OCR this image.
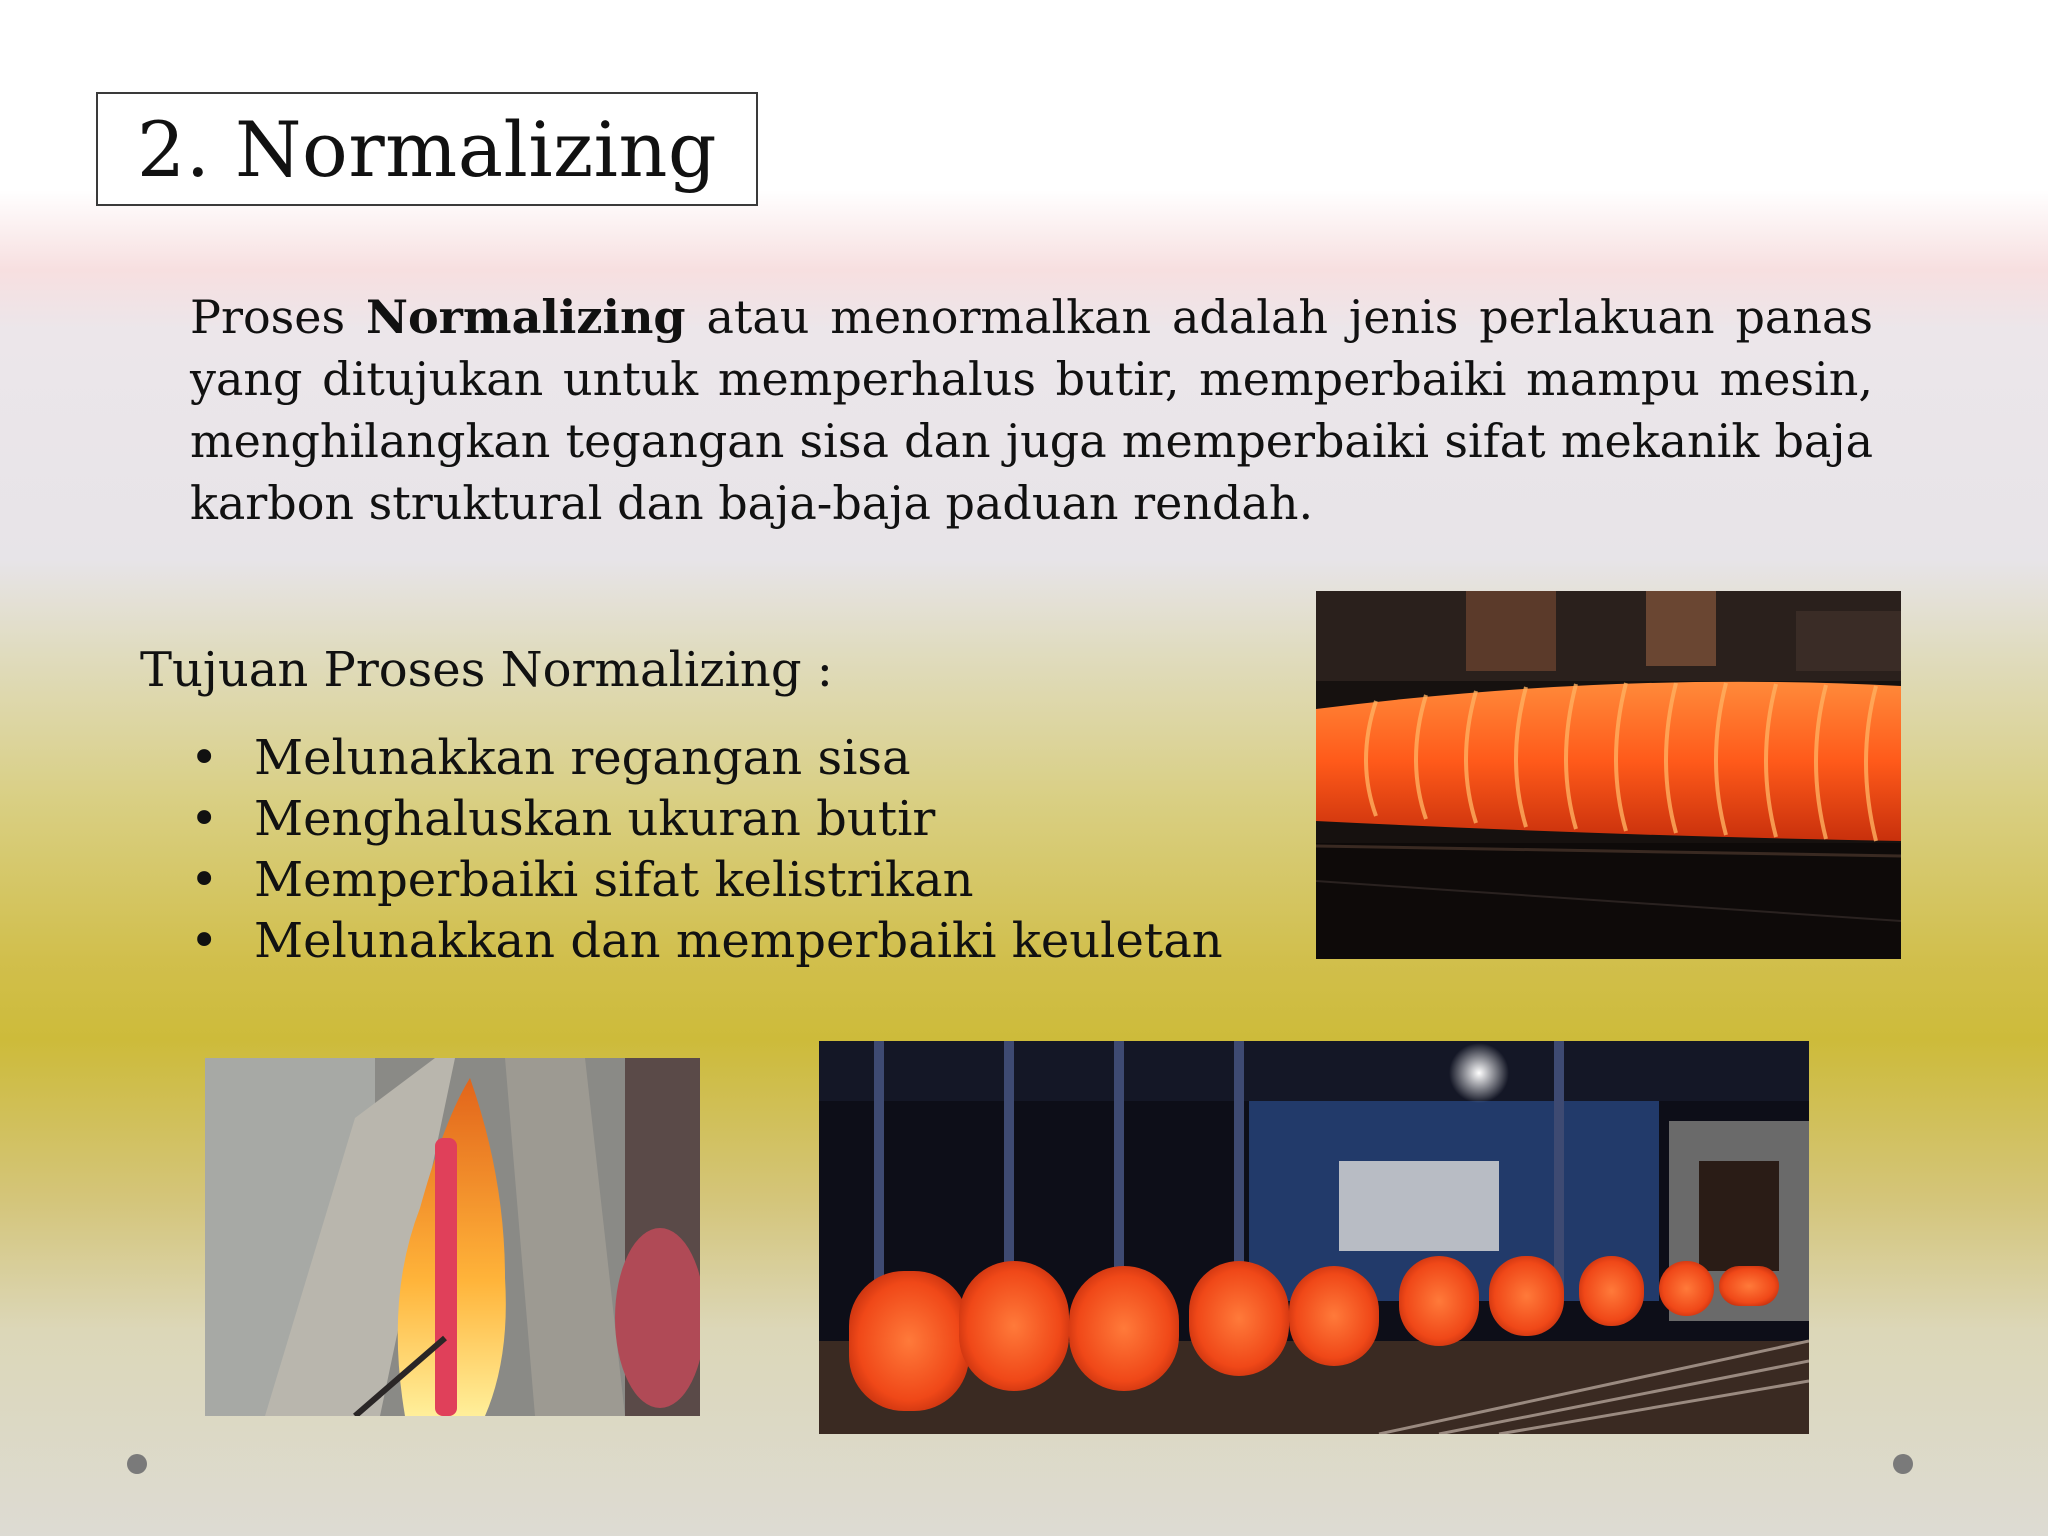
2. Normalizing

Proses Normalizing atau menormalkan adalah jenis perlakuan panas yang ditujukan untuk memperhalus butir, memperbaiki mampu mesin, menghilangkan tegangan sisa dan juga memperbaiki sifat mekanik baja karbon struktural dan baja-baja paduan rendah.

Tujuan Proses Normalizing :
• Melunakkan regangan sisa
• Menghaluskan ukuran butir
• Memperbaiki sifat kelistrikan
• Melunakkan dan memperbaiki keuletan
